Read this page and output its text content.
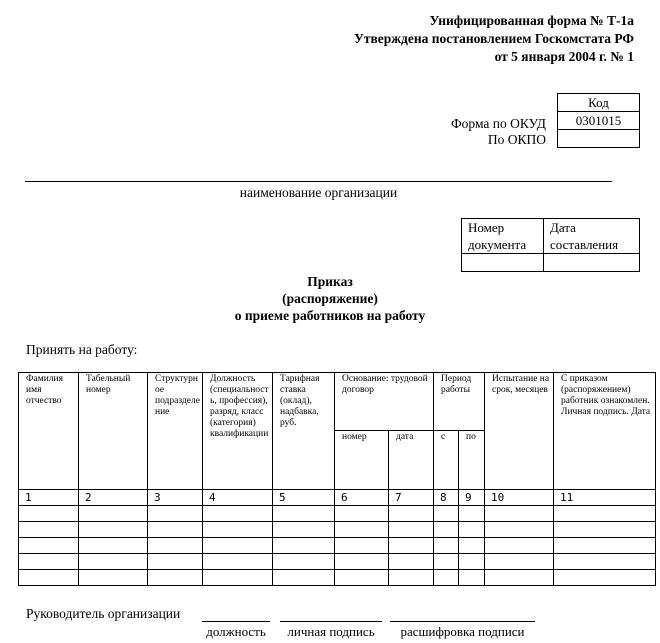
Унифицированная форма № Т-1а
Утверждена постановлением Госкомстата РФ
от 5 января 2004 г. № 1
Форма по ОКУД
По ОКПО
Код
0301015

наименование организации
Номер документа	Дата составления

Приказ
(распоряжение)
о приеме работников на работу
Принять на работу:
Фамилия имя отчество	Табельный номер	Структурное подразделение	Должность (специальность, профессия), разряд, класс (категория) квалификации	Тарифная ставка (оклад), надбавка, руб.	Основание: трудовой договор		Период работы		Испытание на срок, месяцев	С приказом (распоряжением) работник ознакомлен. Личная подпись. Дата
					номер	дата	с	по		
1	2	3	4	5	6	7	8	9	10	11

Руководитель организации
должность	личная подпись	расшифровка подписи
